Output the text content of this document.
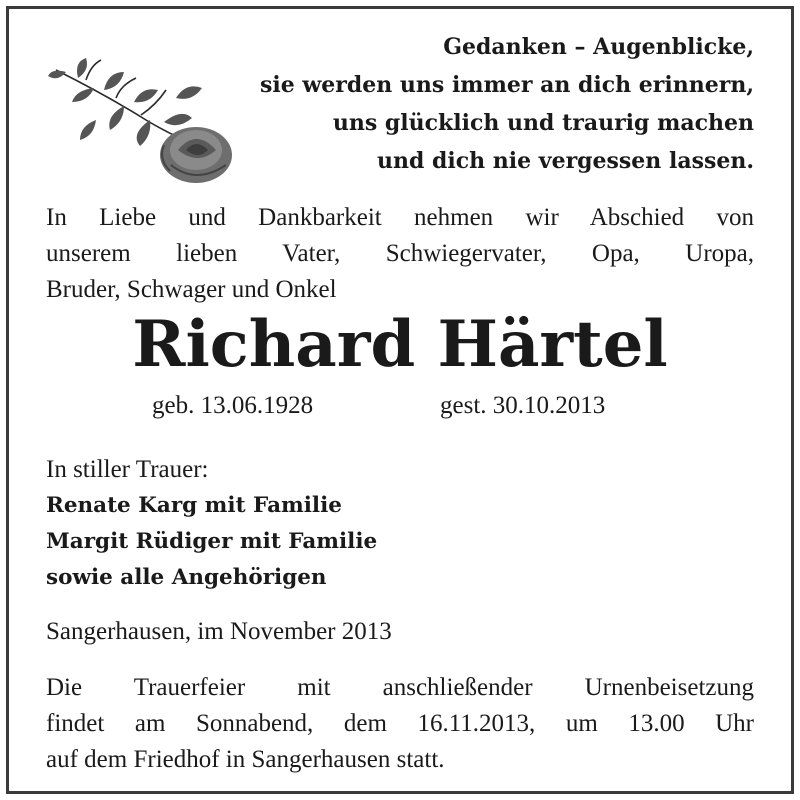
Gedanken – Augenblicke,
sie werden uns immer an dich erinnern,
uns glücklich und traurig machen
und dich nie vergessen lassen.
In Liebe und Dankbarkeit nehmen wir Abschied von
unserem lieben Vater, Schwiegervater, Opa, Uropa,
Bruder, Schwager und Onkel
Richard Härtel
geb. 13.06.1928	gest. 30.10.2013
In stiller Trauer:
Renate Karg mit Familie
Margit Rüdiger mit Familie
sowie alle Angehörigen
Sangerhausen, im November 2013
Die Trauerfeier mit anschließender Urnenbeisetzung
findet am Sonnabend, dem 16.11.2013, um 13.00 Uhr
auf dem Friedhof in Sangerhausen statt.
